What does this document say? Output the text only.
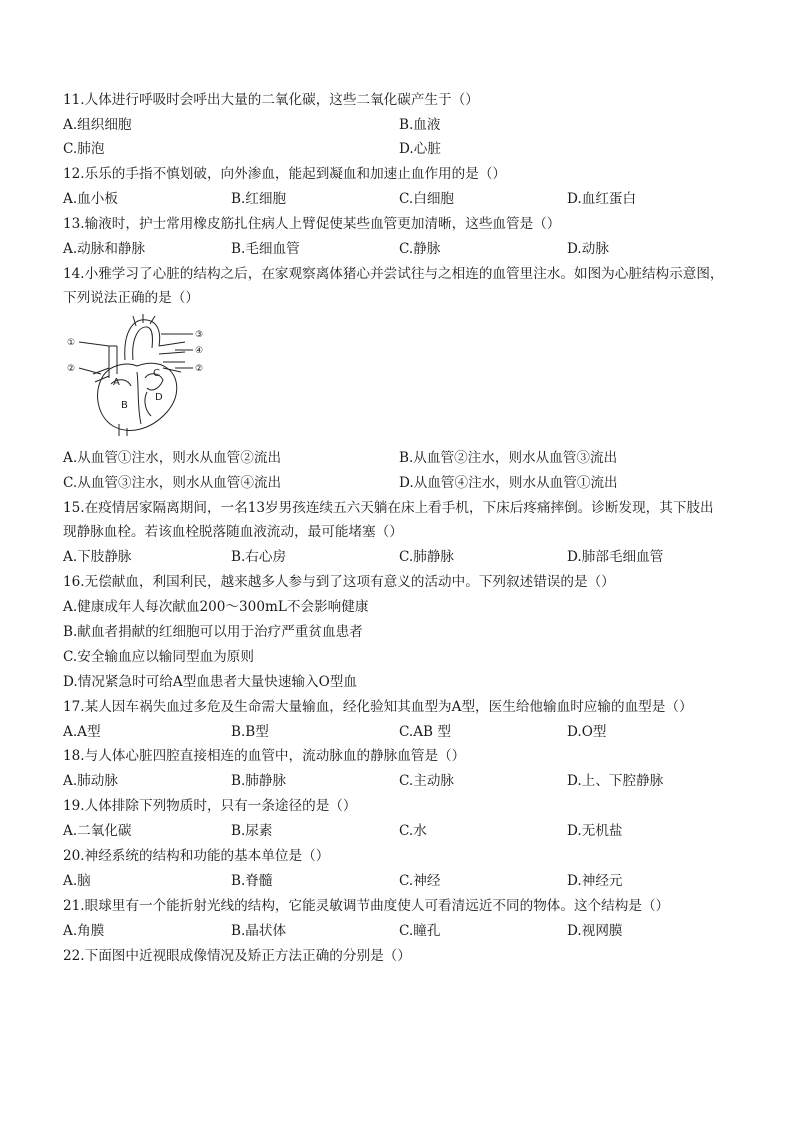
11.人体进行呼吸时会呼出大量的二氧化碳，这些二氧化碳产生于（）
A.组织细胞	B.血液
C.肺泡	D.心脏
12.乐乐的手指不慎划破，向外渗血，能起到凝血和加速止血作用的是（）
A.血小板	B.红细胞	C.白细胞	D.血红蛋白
13.输液时，护士常用橡皮筋扎住病人上臂促使某些血管更加清晰，这些血管是（）
A.动脉和静脉	B.毛细血管	C.静脉	D.动脉
14.小雅学习了心脏的结构之后，在家观察离体猪心并尝试往与之相连的血管里注水。如图为心脏结构示意图，
下列说法正确的是（）
①
②
③
④
②
A
B
C
D
A.从血管①注水，则水从血管②流出	B.从血管②注水，则水从血管③流出
C.从血管③注水，则水从血管④流出	D.从血管④注水，则水从血管①流出
15.在疫情居家隔离期间，一名13岁男孩连续五六天躺在床上看手机，下床后疼痛摔倒。诊断发现，其下肢出
现静脉血栓。若该血栓脱落随血液流动，最可能堵塞（）
A.下肢静脉	B.右心房	C.肺静脉	D.肺部毛细血管
16.无偿献血，利国利民，越来越多人参与到了这项有意义的活动中。下列叙述错误的是（）
A.健康成年人每次献血200～300mL不会影响健康
B.献血者捐献的红细胞可以用于治疗严重贫血患者
C.安全输血应以输同型血为原则
D.情况紧急时可给A型血患者大量快速输入O型血
17.某人因车祸失血过多危及生命需大量输血，经化验知其血型为A型，医生给他输血时应输的血型是（）
A.A型	B.B型	C.AB 型	D.O型
18.与人体心脏四腔直接相连的血管中，流动脉血的静脉血管是（）
A.肺动脉	B.肺静脉	C.主动脉	D.上、下腔静脉
19.人体排除下列物质时，只有一条途径的是（）
A.二氧化碳	B.尿素	C.水	D.无机盐
20.神经系统的结构和功能的基本单位是（）
A.脑	B.脊髓	C.神经	D.神经元
21.眼球里有一个能折射光线的结构，它能灵敏调节曲度使人可看清远近不同的物体。这个结构是（）
A.角膜	B.晶状体	C.瞳孔	D.视网膜
22.下面图中近视眼成像情况及矫正方法正确的分别是（）
